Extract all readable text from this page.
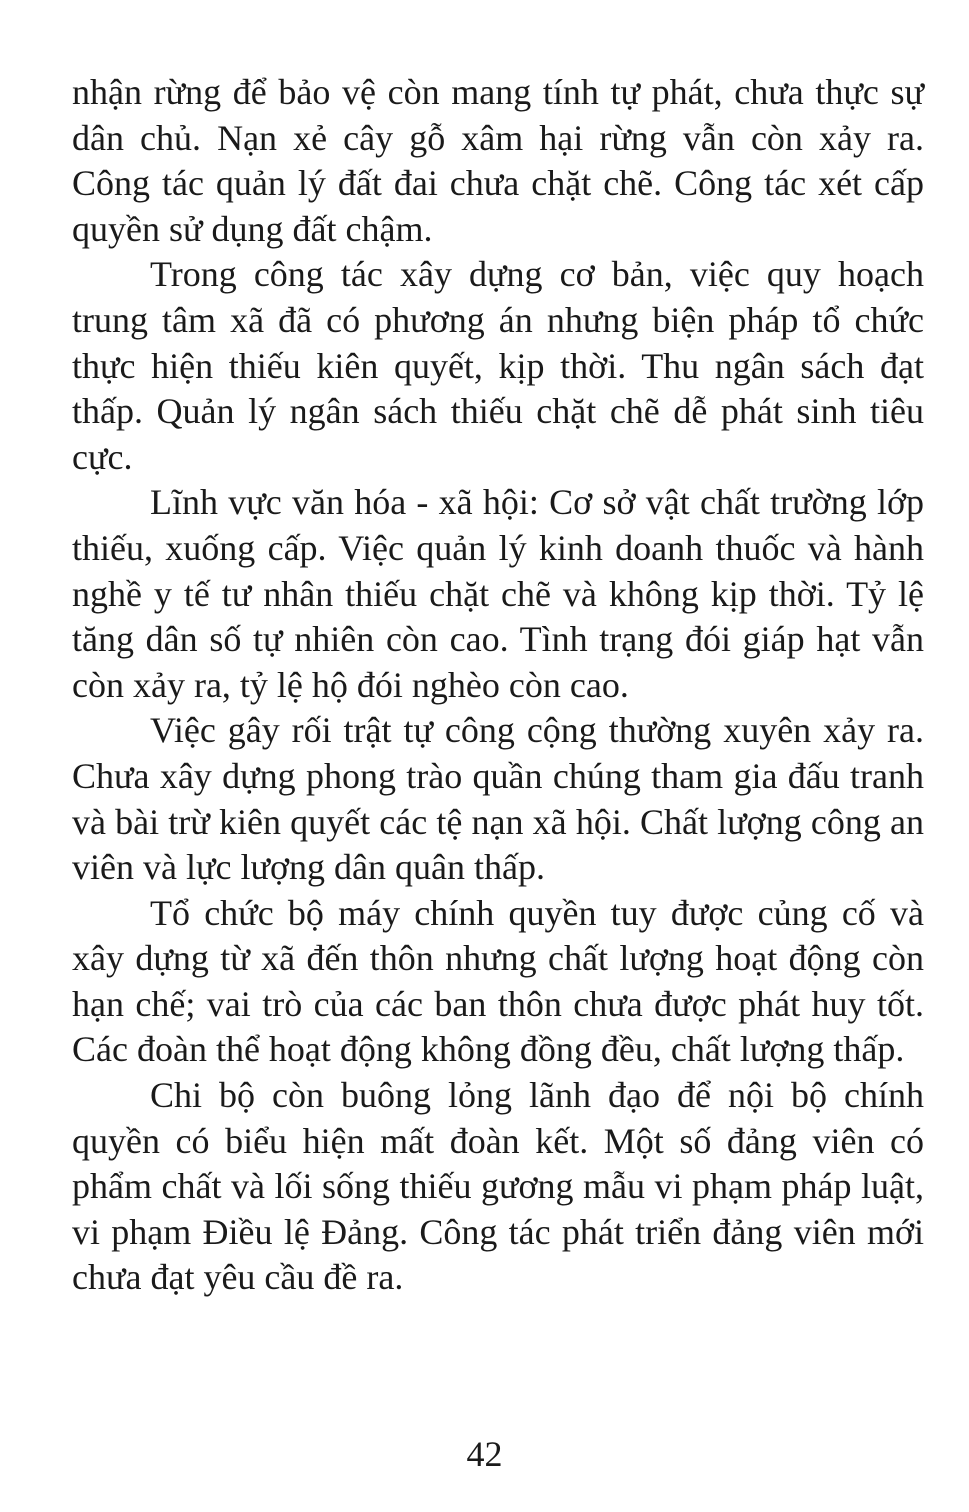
nhận rừng để bảo vệ còn mang tính tự phát, chưa thực sự dân chủ. Nạn xẻ cây gỗ xâm hại rừng vẫn còn xảy ra. Công tác quản lý đất đai chưa chặt chẽ. Công tác xét cấp quyền sử dụng đất chậm.

Trong công tác xây dựng cơ bản, việc quy hoạch trung tâm xã đã có phương án nhưng biện pháp tổ chức thực hiện thiếu kiên quyết, kịp thời. Thu ngân sách đạt thấp. Quản lý ngân sách thiếu chặt chẽ dễ phát sinh tiêu cực.

Lĩnh vực văn hóa - xã hội: Cơ sở vật chất trường lớp thiếu, xuống cấp. Việc quản lý kinh doanh thuốc và hành nghề y tế tư nhân thiếu chặt chẽ và không kịp thời. Tỷ lệ tăng dân số tự nhiên còn cao. Tình trạng đói giáp hạt vẫn còn xảy ra, tỷ lệ hộ đói nghèo còn cao.

Việc gây rối trật tự công cộng thường xuyên xảy ra. Chưa xây dựng phong trào quần chúng tham gia đấu tranh và bài trừ kiên quyết các tệ nạn xã hội. Chất lượng công an viên và lực lượng dân quân thấp.

Tổ chức bộ máy chính quyền tuy được củng cố và xây dựng từ xã đến thôn nhưng chất lượng hoạt động còn hạn chế; vai trò của các ban thôn chưa được phát huy tốt. Các đoàn thể hoạt động không đồng đều, chất lượng thấp.

Chi bộ còn buông lỏng lãnh đạo để nội bộ chính quyền có biểu hiện mất đoàn kết. Một số đảng viên có phẩm chất và lối sống thiếu gương mẫu vi phạm pháp luật, vi phạm Điều lệ Đảng. Công tác phát triển đảng viên mới chưa đạt yêu cầu đề ra.

42
